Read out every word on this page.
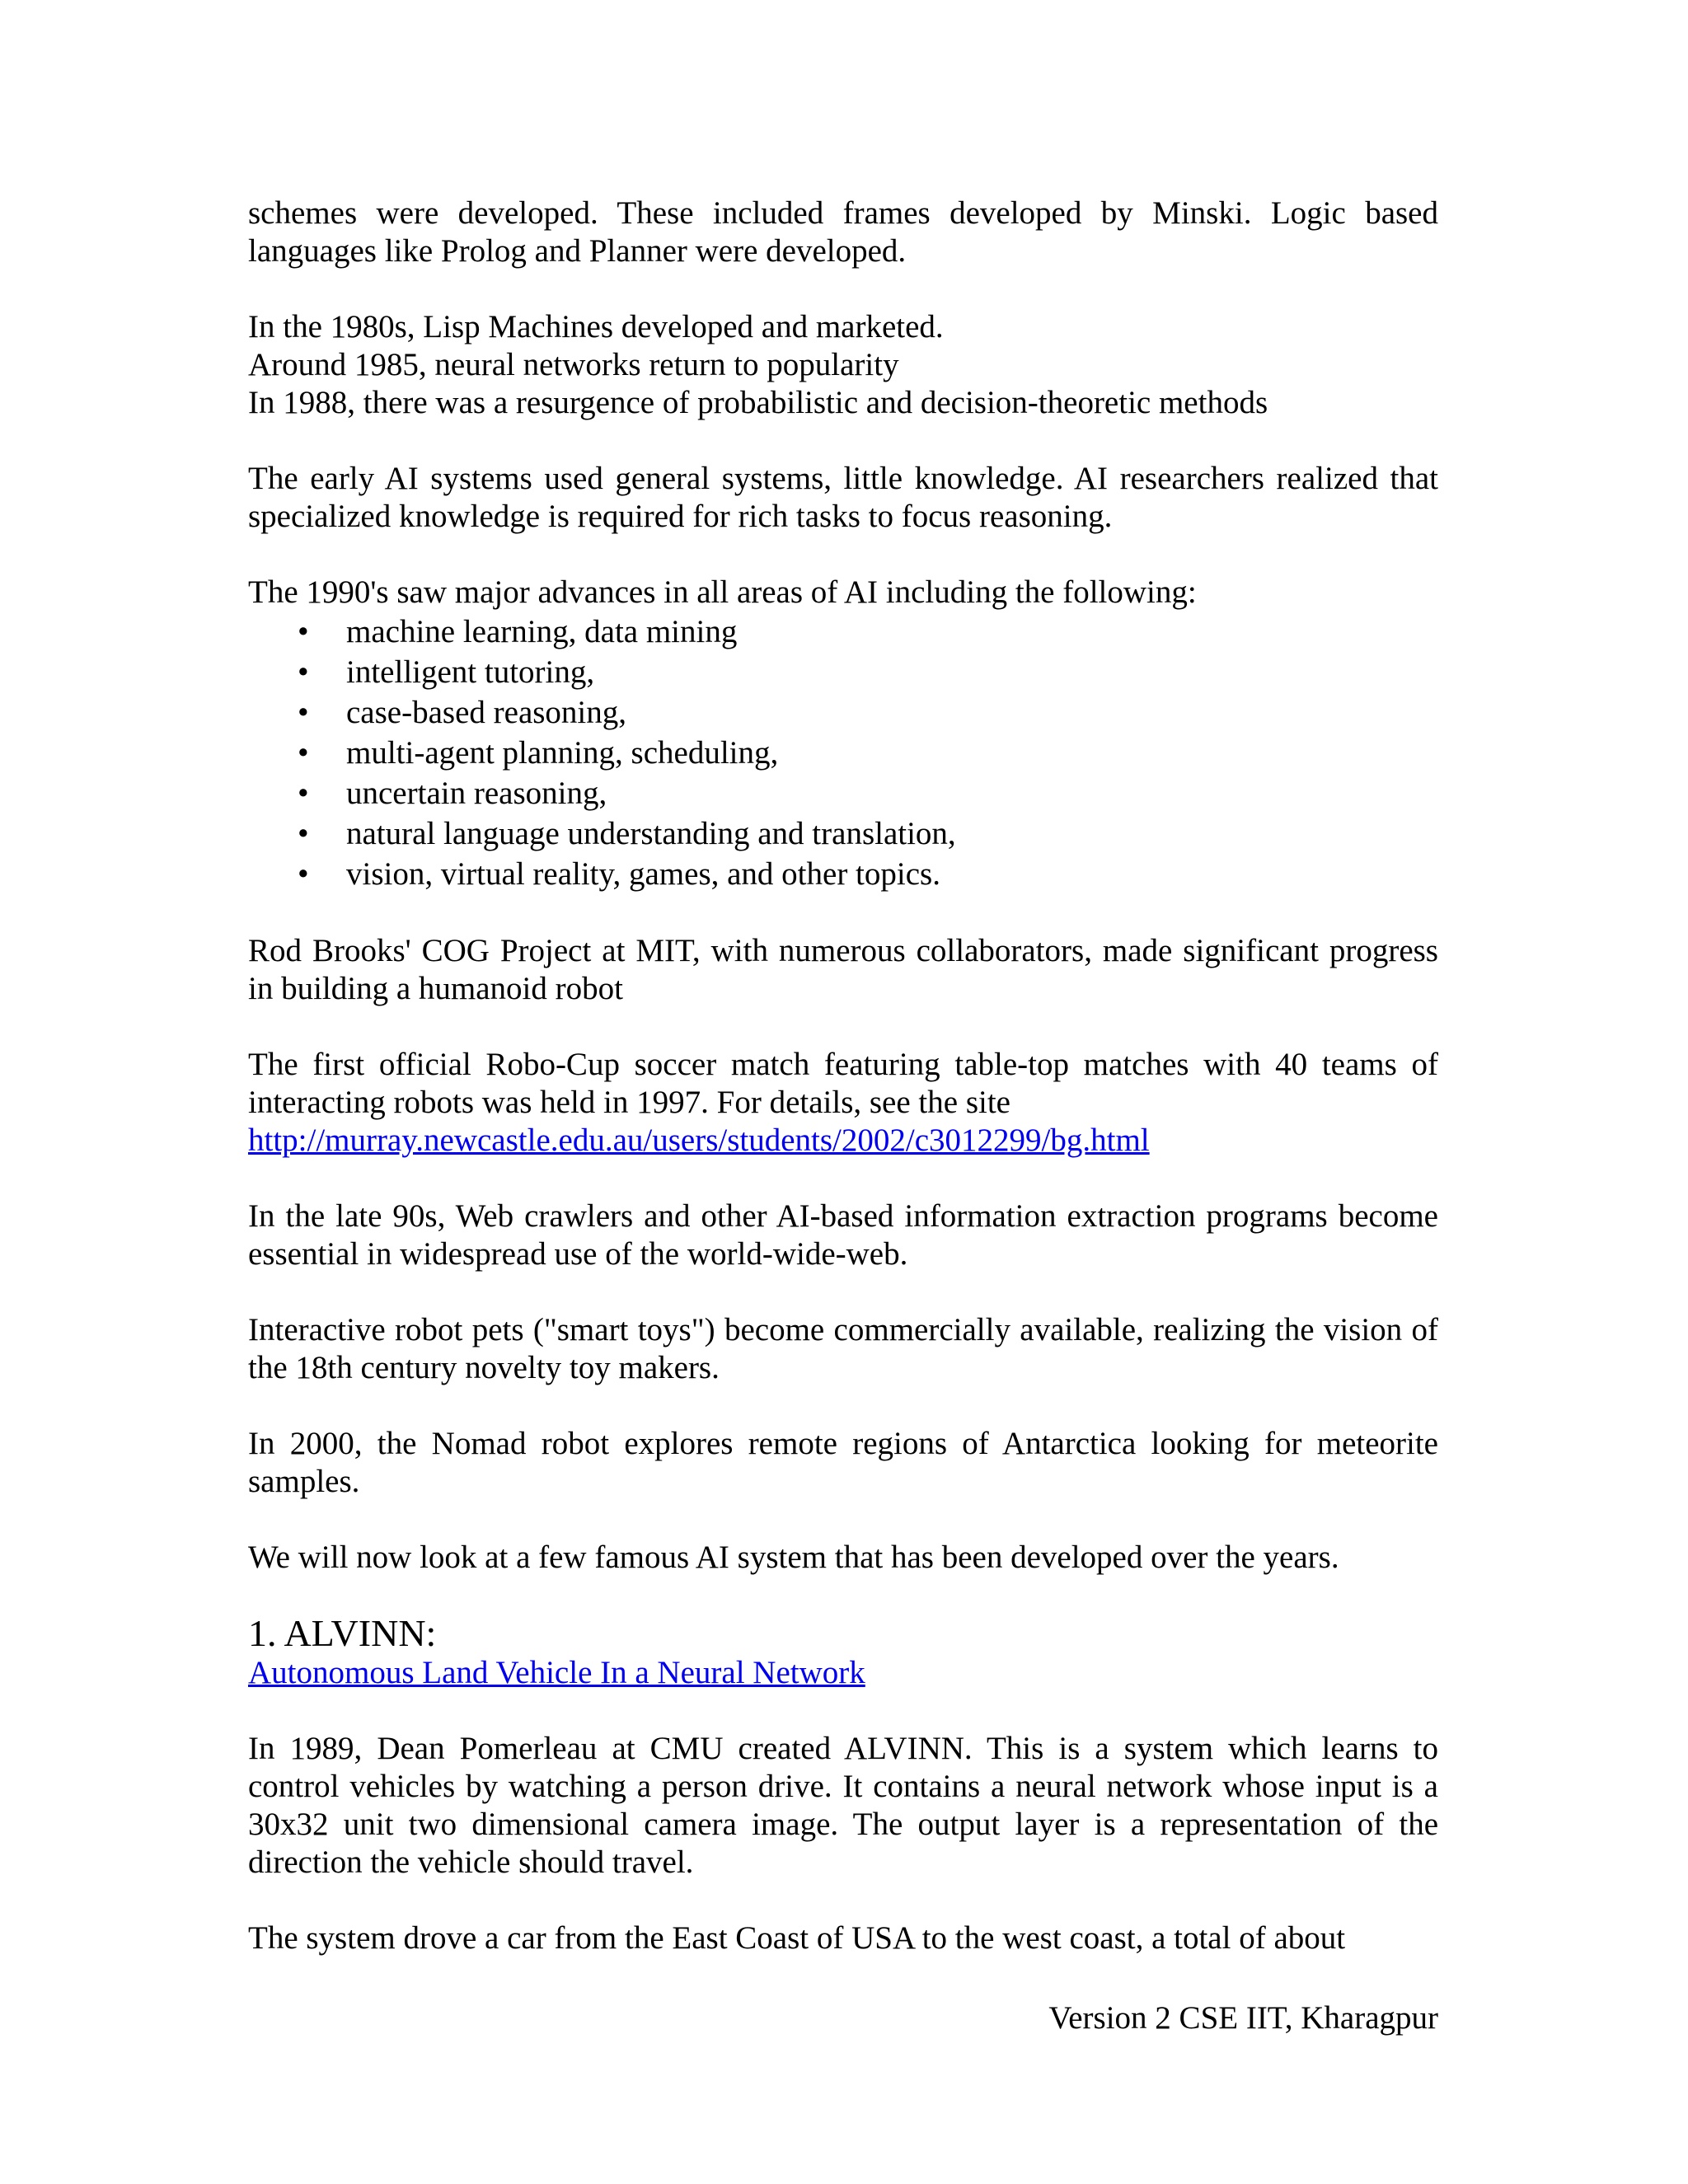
schemes were developed. These included frames developed by Minski. Logic based languages like Prolog and Planner were developed.

In the 1980s, Lisp Machines developed and marketed.

Around 1985, neural networks return to popularity

In 1988, there was a resurgence of probabilistic and decision-theoretic methods

The early AI systems used general systems, little knowledge. AI researchers realized that specialized knowledge is required for rich tasks to focus reasoning.

The 1990's saw major advances in all areas of AI including the following:

• machine learning, data mining
• intelligent tutoring,
• case-based reasoning,
• multi-agent planning, scheduling,
• uncertain reasoning,
• natural language understanding and translation,
• vision, virtual reality, games, and other topics.

Rod Brooks' COG Project at MIT, with numerous collaborators, made significant progress in building a humanoid robot

The first official Robo-Cup soccer match featuring table-top matches with 40 teams of interacting robots was held in 1997. For details, see the site

http://murray.newcastle.edu.au/users/students/2002/c3012299/bg.html

In the late 90s, Web crawlers and other AI-based information extraction programs become essential in widespread use of the world-wide-web.

Interactive robot pets ("smart toys") become commercially available, realizing the vision of the 18th century novelty toy makers.

In 2000, the Nomad robot explores remote regions of Antarctica looking for meteorite samples.

We will now look at a few famous AI system that has been developed over the years.

1. ALVINN:

Autonomous Land Vehicle In a Neural Network

In 1989, Dean Pomerleau at CMU created ALVINN. This is a system which learns to control vehicles by watching a person drive. It contains a neural network whose input is a 30x32 unit two dimensional camera image. The output layer is a representation of the direction the vehicle should travel.

The system drove a car from the East Coast of USA to the west coast, a total of about

Version 2 CSE IIT, Kharagpur
